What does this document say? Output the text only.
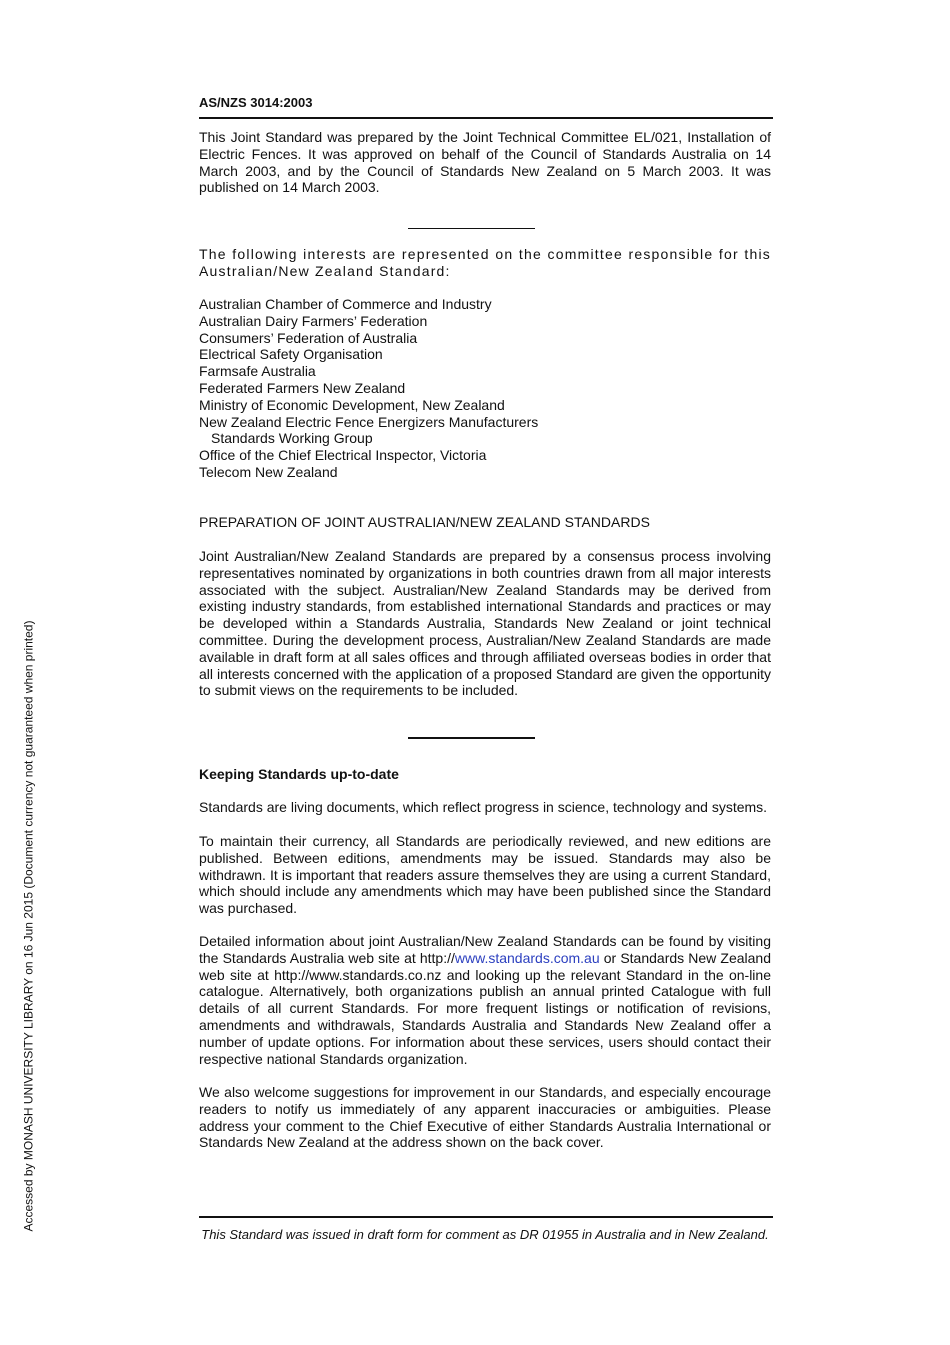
AS/NZS 3014:2003

This Joint Standard was prepared by the Joint Technical Committee EL/021, Installation of Electric Fences. It was approved on behalf of the Council of Standards Australia on 14 March 2003, and by the Council of Standards New Zealand on 5 March 2003. It was published on 14 March 2003.

The following interests are represented on the committee responsible for this Australian/New Zealand Standard:

Australian Chamber of Commerce and Industry
Australian Dairy Farmers’ Federation
Consumers’ Federation of Australia
Electrical Safety Organisation
Farmsafe Australia
Federated Farmers New Zealand
Ministry of Economic Development, New Zealand
New Zealand Electric Fence Energizers Manufacturers
Standards Working Group
Office of the Chief Electrical Inspector, Victoria
Telecom New Zealand
PREPARATION OF JOINT AUSTRALIAN/NEW ZEALAND STANDARDS

Joint Australian/New Zealand Standards are prepared by a consensus process involving representatives nominated by organizations in both countries drawn from all major interests associated with the subject. Australian/New Zealand Standards may be derived from existing industry standards, from established international Standards and practices or may be developed within a Standards Australia, Standards New Zealand or joint technical committee. During the development process, Australian/New Zealand Standards are made available in draft form at all sales offices and through affiliated overseas bodies in order that all interests concerned with the application of a proposed Standard are given the opportunity to submit views on the requirements to be included.

Keeping Standards up-to-date

Standards are living documents, which reflect progress in science, technology and systems.

To maintain their currency, all Standards are periodically reviewed, and new editions are published. Between editions, amendments may be issued. Standards may also be withdrawn. It is important that readers assure themselves they are using a current Standard, which should include any amendments which may have been published since the Standard was purchased.

Detailed information about joint Australian/New Zealand Standards can be found by visiting the Standards Australia web site at http://www.standards.com.au or Standards New Zealand web site at http://www.standards.co.nz and looking up the relevant Standard in the on-line catalogue. Alternatively, both organizations publish an annual printed Catalogue with full details of all current Standards. For more frequent listings or notification of revisions, amendments and withdrawals, Standards Australia and Standards New Zealand offer a number of update options. For information about these services, users should contact their respective national Standards organization.

We also welcome suggestions for improvement in our Standards, and especially encourage readers to notify us immediately of any apparent inaccuracies or ambiguities. Please address your comment to the Chief Executive of either Standards Australia International or Standards New Zealand at the address shown on the back cover.

This Standard was issued in draft form for comment as DR 01955 in Australia and in New Zealand.
Accessed by MONASH UNIVERSITY LIBRARY on 16 Jun 2015 (Document currency not guaranteed when printed)
